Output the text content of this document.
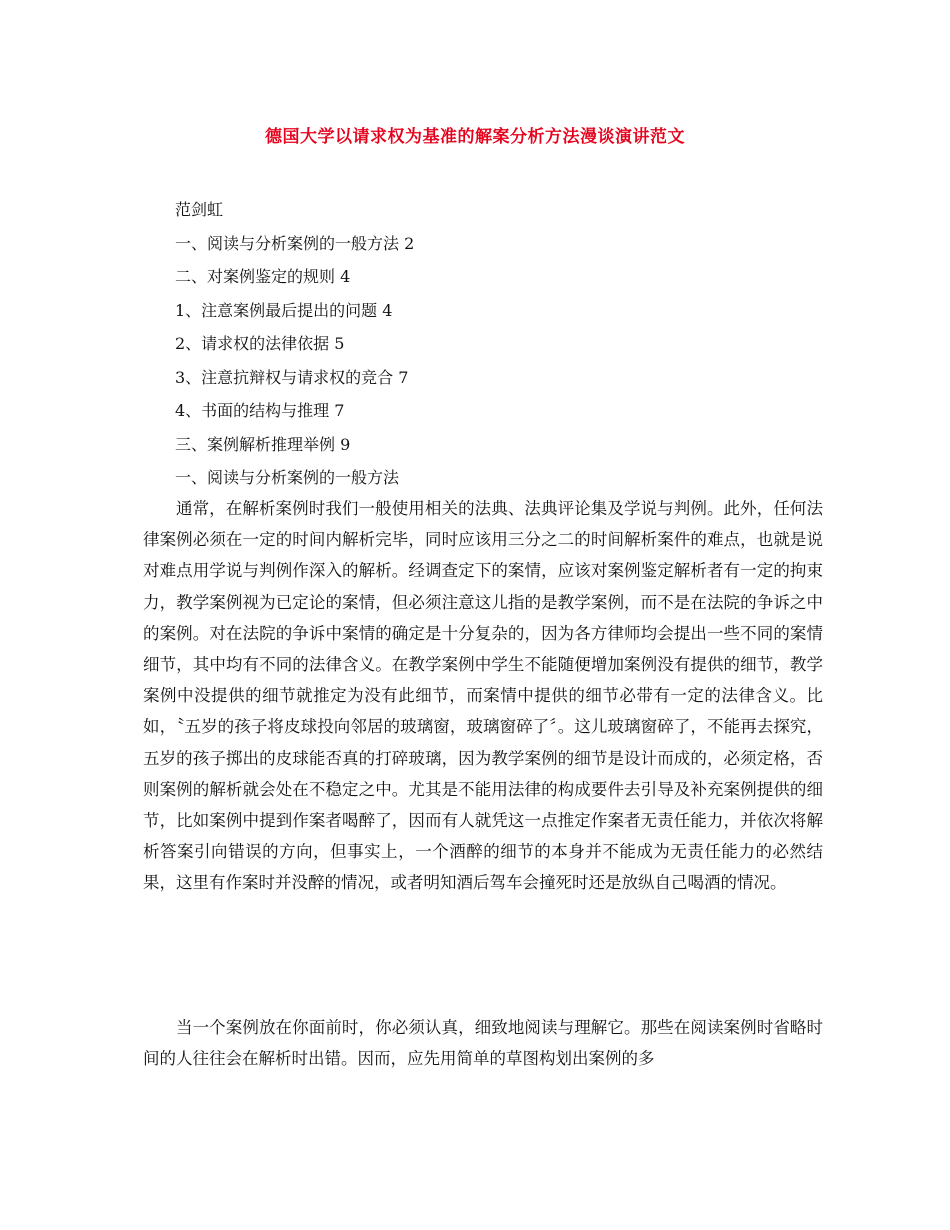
德国大学以请求权为基准的解案分析方法漫谈演讲范文
范剑虹
一、阅读与分析案例的一般方法 2
二、对案例鉴定的规则 4
1、注意案例最后提出的问题 4
2、请求权的法律依据 5
3、注意抗辩权与请求权的竞合 7
4、书面的结构与推理 7
三、案例解析推理举例 9
一、阅读与分析案例的一般方法

通常，在解析案例时我们一般使用相关的法典、法典评论集及学说与判例。此外，任何法律案例必须在一定的时间内解析完毕，同时应该用三分之二的时间解析案件的难点，也就是说对难点用学说与判例作深入的解析。经调查定下的案情，应该对案例鉴定解析者有一定的拘束力，教学案例视为已定论的案情，但必须注意这儿指的是教学案例，而不是在法院的争诉之中的案例。对在法院的争诉中案情的确定是十分复杂的，因为各方律师均会提出一些不同的案情细节，其中均有不同的法律含义。在教学案例中学生不能随便增加案例没有提供的细节，教学案例中没提供的细节就推定为没有此细节，而案情中提供的细节必带有一定的法律含义。比如，〝五岁的孩子将皮球投向邻居的玻璃窗，玻璃窗碎了〞。这儿玻璃窗碎了，不能再去探究，五岁的孩子掷出的皮球能否真的打碎玻璃，因为教学案例的细节是设计而成的，必须定格，否则案例的解析就会处在不稳定之中。尤其是不能用法律的构成要件去引导及补充案例提供的细节，比如案例中提到作案者喝醉了，因而有人就凭这一点推定作案者无责任能力，并依次将解析答案引向错误的方向，但事实上，一个酒醉的细节的本身并不能成为无责任能力的必然结果，这里有作案时并没醉的情况，或者明知酒后驾车会撞死时还是放纵自己喝酒的情况。

当一个案例放在你面前时，你必须认真，细致地阅读与理解它。那些在阅读案例时省略时间的人往往会在解析时出错。因而，应先用简单的草图构划出案例的多
